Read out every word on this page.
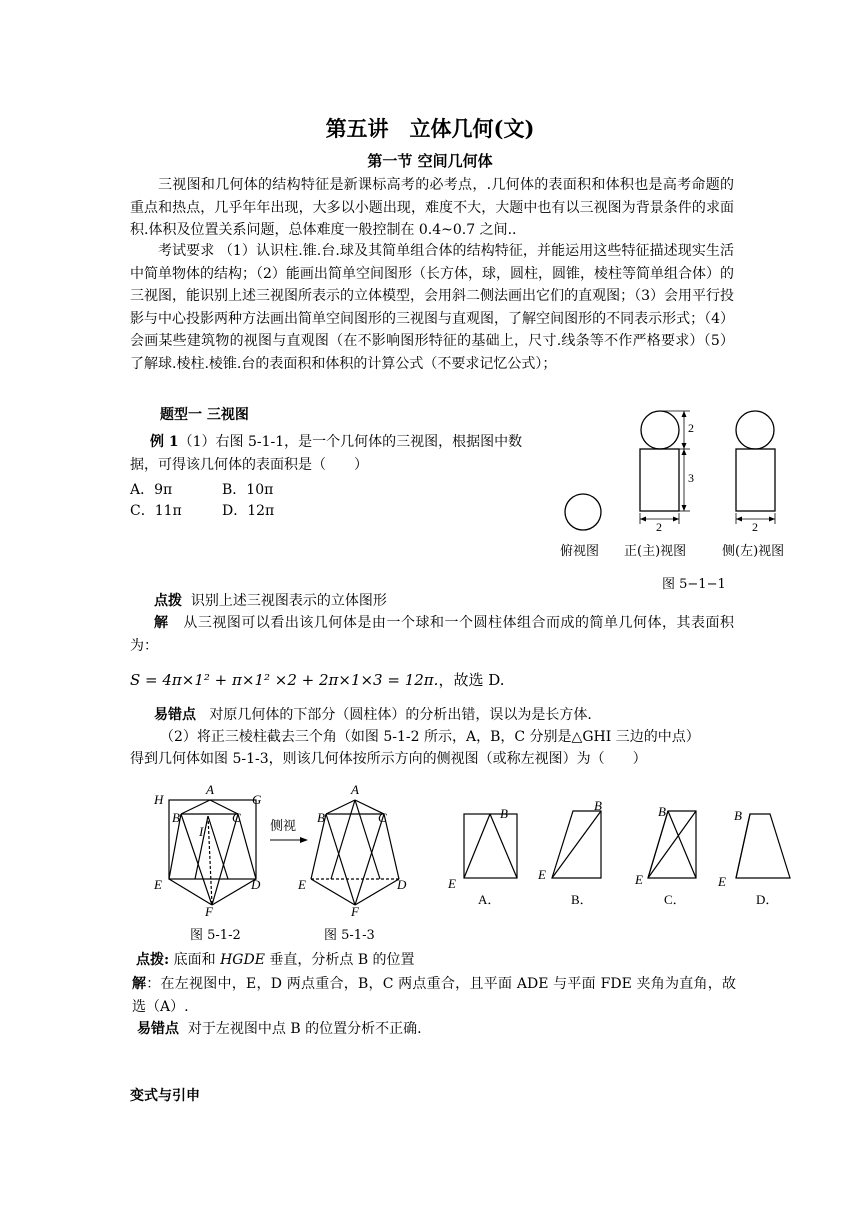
第五讲　立体几何(文)
第一节 空间几何体
三视图和几何体的结构特征是新课标高考的必考点，.几何体的表面积和体积也是高考命题的重点和热点，几乎年年出现，大多以小题出现，难度不大，大题中也有以三视图为背景条件的求面积.体积及位置关系问题，总体难度一般控制在 0.4~0.7 之间..
考试要求 （1）认识柱.锥.台.球及其简单组合体的结构特征，并能运用这些特征描述现实生活中简单物体的结构；（2）能画出简单空间图形（长方体，球，圆柱，圆锥，棱柱等简单组合体）的三视图，能识别上述三视图所表示的立体模型，会用斜二侧法画出它们的直观图；（3）会用平行投影与中心投影两种方法画出简单空间图形的三视图与直观图，了解空间图形的不同表示形式；（4）会画某些建筑物的视图与直观图（在不影响图形特征的基础上，尺寸.线条等不作严格要求）（5）了解球.棱柱.棱锥.台的表面积和体积的计算公式（不要求记忆公式）；
题型一 三视图
例 1（1）右图 5-1-1，是一个几何体的三视图，根据图中数
据，可得该几何体的表面积是（　　）
A．9π	B．10π
C．11π	D．12π
2
3
2	2
俯视图 正(主)视图	侧(左)视图
图 5−1−1
点拨 识别上述三视图表示的立体图形
解 从三视图可以看出该几何体是由一个球和一个圆柱体组合而成的简单几何体，其表面积为：
S = 4π×1² + π×1² ×2 + 2π×1×3 = 12π.，故选 D.
易错点 对原几何体的下部分（圆柱体）的分析出错，误以为是长方体.
（2）将正三棱柱截去三个角（如图 5-1-2 所示，A，B，C 分别是△GHI 三边的中点）
得到几何体如图 5-1-3，则该几何体按所示方向的侧视图（或称左视图）为（　　）
H
A
G
B	C
I
E	D
F
侧视
A
B	C
E	D
F
B
E
B
E
B
E
B
E
A．	B．	C．	D．
图 5-1-2	图 5-1-3
点拨: 底面和 HGDE 垂直，分析点 B 的位置
解：在左视图中，E，D 两点重合，B，C 两点重合，且平面 ADE 与平面 FDE 夹角为直角，故选（A）.
易错点 对于左视图中点 B 的位置分析不正确.
变式与引申
